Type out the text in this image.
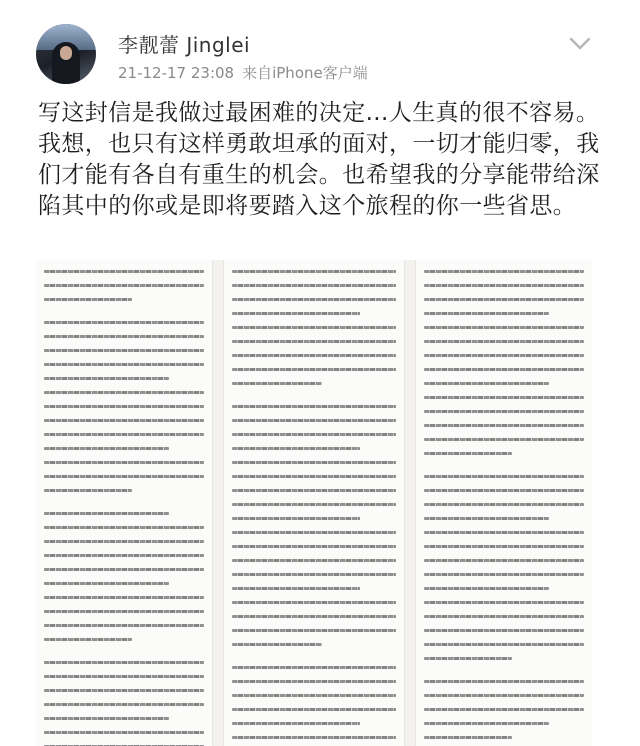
李靓蕾 Jinglei
21-12-17 23:08 来自iPhone客户端

写这封信是我做过最困难的决定...人生真的很不容易。我想，也只有这样勇敢坦承的面对，一切才能归零，我们才能有各自有重生的机会。也希望我的分享能带给深陷其中的你或是即将要踏入这个旅程的你一些省思。
